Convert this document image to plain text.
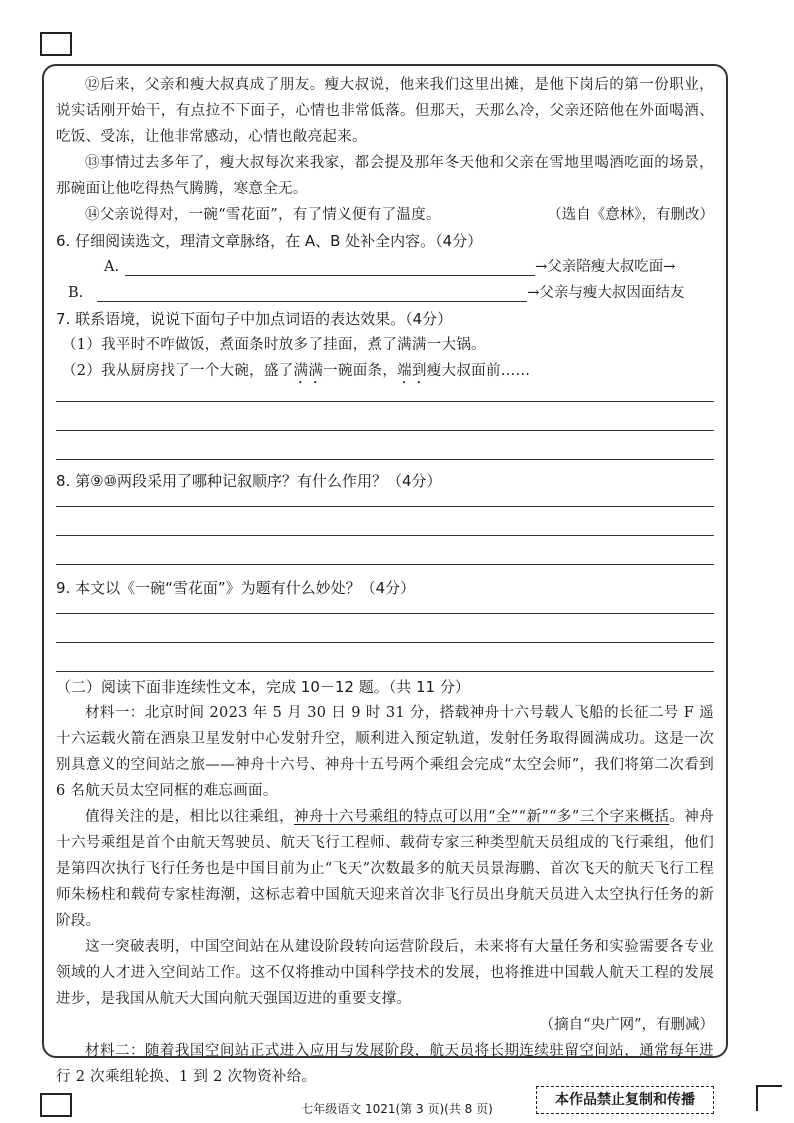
⑫后来，父亲和瘦大叔真成了朋友。瘦大叔说，他来我们这里出摊，是他下岗后的第一份职业，说实话刚开始干，有点拉不下面子，心情也非常低落。但那天，天那么冷，父亲还陪他在外面喝酒、吃饭、受冻，让他非常感动，心情也敞亮起来。

⑬事情过去多年了，瘦大叔每次来我家，都会提及那年冬天他和父亲在雪地里喝酒吃面的场景，那碗面让他吃得热气腾腾，寒意全无。

⑭父亲说得对，一碗“雪花面”，有了情义便有了温度。	（选自《意林》，有删改）

6. 仔细阅读选文，理清文章脉络，在 A、B 处补全内容。（4分）

A.	→父亲陪瘦大叔吃面→
B.	→父亲与瘦大叔因面结友

7. 联系语境，说说下面句子中加点词语的表达效果。（4分）

（1）我平时不咋做饭，煮面条时放多了挂面，煮了满满一大锅。

（2）我从厨房找了一个大碗，盛了满满一碗面条，端到瘦大叔面前……

8. 第⑨⑩两段采用了哪种记叙顺序？有什么作用？（4分）

9. 本文以《一碗“雪花面”》为题有什么妙处？（4分）

（二）阅读下面非连续性文本，完成 10－12 题。（共 11 分）

材料一：北京时间 2023 年 5 月 30 日 9 时 31 分，搭载神舟十六号载人飞船的长征二号 F 遥十六运载火箭在酒泉卫星发射中心发射升空，顺利进入预定轨道，发射任务取得圆满成功。这是一次别具意义的空间站之旅——神舟十六号、神舟十五号两个乘组会完成“太空会师”，我们将第二次看到 6 名航天员太空同框的难忘画面。

值得关注的是，相比以往乘组，神舟十六号乘组的特点可以用“全”“新”“多”三个字来概括。神舟十六号乘组是首个由航天驾驶员、航天飞行工程师、载荷专家三种类型航天员组成的飞行乘组，他们是第四次执行飞行任务也是中国目前为止“飞天”次数最多的航天员景海鹏、首次飞天的航天飞行工程师朱杨柱和载荷专家桂海潮，这标志着中国航天迎来首次非飞行员出身航天员进入太空执行任务的新阶段。

这一突破表明，中国空间站在从建设阶段转向运营阶段后，未来将有大量任务和实验需要各专业领域的人才进入空间站工作。这不仅将推动中国科学技术的发展，也将推进中国载人航天工程的发展进步，是我国从航天大国向航天强国迈进的重要支撑。

（摘自“央广网”，有删减）

材料二：随着我国空间站正式进入应用与发展阶段，航天员将长期连续驻留空间站，通常每年进行 2 次乘组轮换、1 到 2 次物资补给。

七年级语文 1021(第 3 页)(共 8 页)
本作品禁止复制和传播
